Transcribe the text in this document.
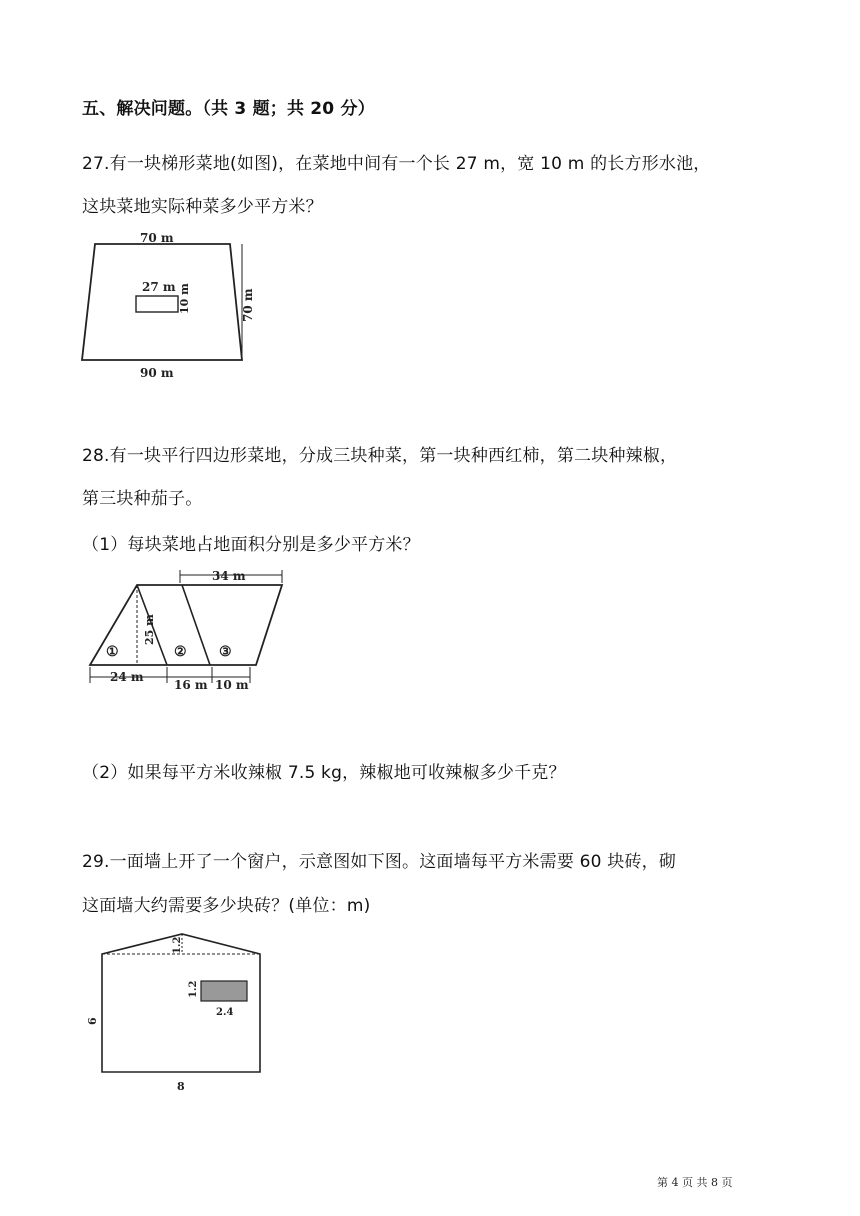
五、解决问题。（共 3 题；共 20 分）
27.有一块梯形菜地(如图)，在菜地中间有一个长 27 m，宽 10 m 的长方形水池，
这块菜地实际种菜多少平方米？
70 m
90 m
27 m 10 m	70 m
28.有一块平行四边形菜地，分成三块种菜，第一块种西红柿，第二块种辣椒，
第三块种茄子。
（1）每块菜地占地面积分别是多少平方米？
34 m
25 m
①	② ③
24 m
16 m 10 m
（2）如果每平方米收辣椒 7.5 kg，辣椒地可收辣椒多少千克？
29.一面墙上开了一个窗户，示意图如下图。这面墙每平方米需要 60 块砖，砌
这面墙大约需要多少块砖？(单位：m)
1.2
1.2
2.4
6
8
第 4 页 共 8 页
